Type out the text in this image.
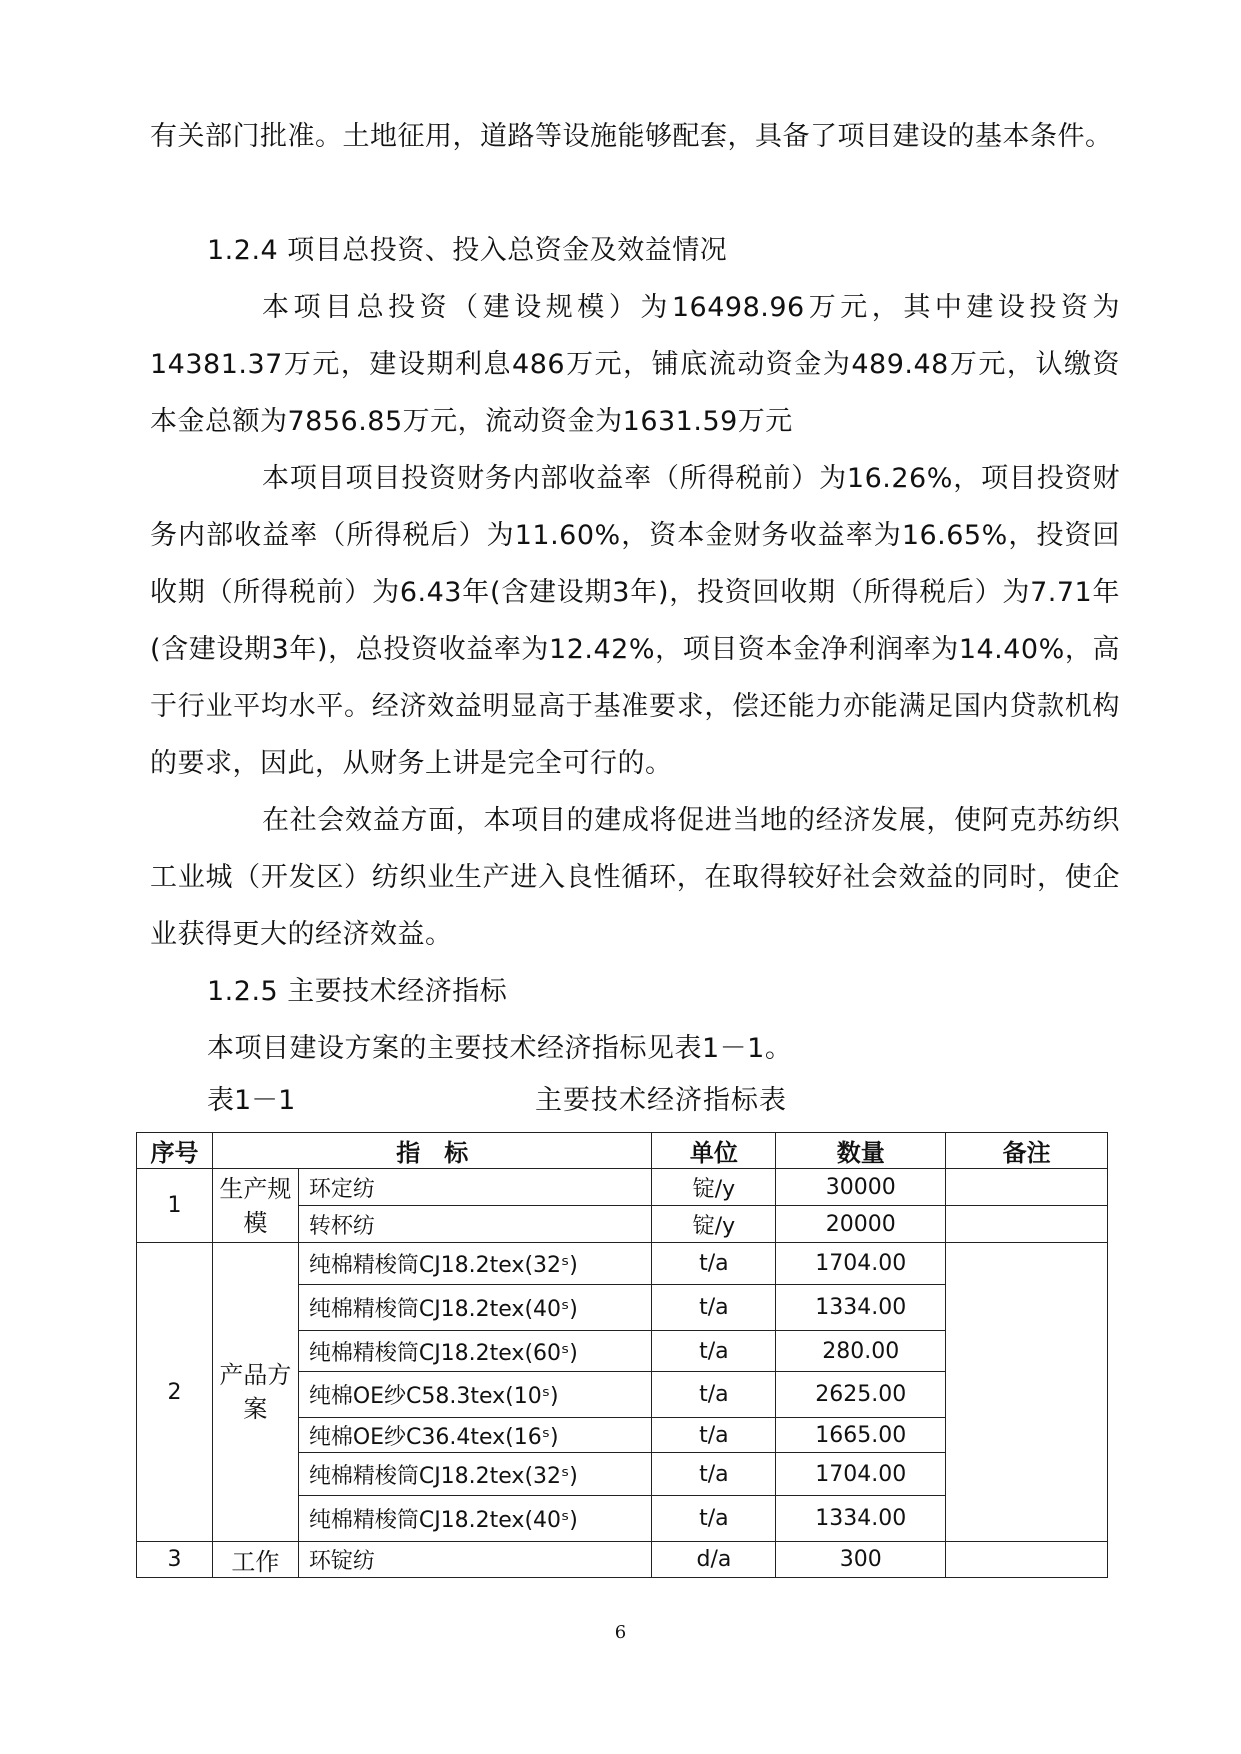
有关部门批准。土地征用，道路等设施能够配套，具备了项目建设的基本条件。

1.2.4 项目总投资、投入总资金及效益情况

本项目总投资（建设规模）为16498.96万元，其中建设投资为14381.37万元，建设期利息486万元，铺底流动资金为489.48万元，认缴资本金总额为7856.85万元，流动资金为1631.59万元

本项目项目投资财务内部收益率（所得税前）为16.26%，项目投资财务内部收益率（所得税后）为11.60%，资本金财务收益率为16.65%，投资回收期（所得税前）为6.43年(含建设期3年)，投资回收期（所得税后）为7.71年(含建设期3年)，总投资收益率为12.42%，项目资本金净利润率为14.40%，高于行业平均水平。经济效益明显高于基准要求，偿还能力亦能满足国内贷款机构的要求，因此，从财务上讲是完全可行的。

在社会效益方面，本项目的建成将促进当地的经济发展，使阿克苏纺织工业城（开发区）纺织业生产进入良性循环，在取得较好社会效益的同时，使企业获得更大的经济效益。

1.2.5 主要技术经济指标

本项目建设方案的主要技术经济指标见表1－1。

表1－1	主要技术经济指标表
序号	指　标		单位	数量	备注
1	生产规模	环定纺	锭/y	30000	
		转杯纺	锭/y	20000	
2	产品方案	纯棉精梭筒CJ18.2tex(32ˢ)	t/a	1704.00	
		纯棉精梭筒CJ18.2tex(40ˢ)	t/a	1334.00	
		纯棉精梭筒CJ18.2tex(60ˢ)	t/a	280.00	
		纯棉OE纱C58.3tex(10ˢ)	t/a	2625.00	
		纯棉OE纱C36.4tex(16ˢ)	t/a	1665.00	
		纯棉精梭筒CJ18.2tex(32ˢ)	t/a	1704.00	
		纯棉精梭筒CJ18.2tex(40ˢ)	t/a	1334.00	
3	工作	环锭纺	d/a	300	
6
